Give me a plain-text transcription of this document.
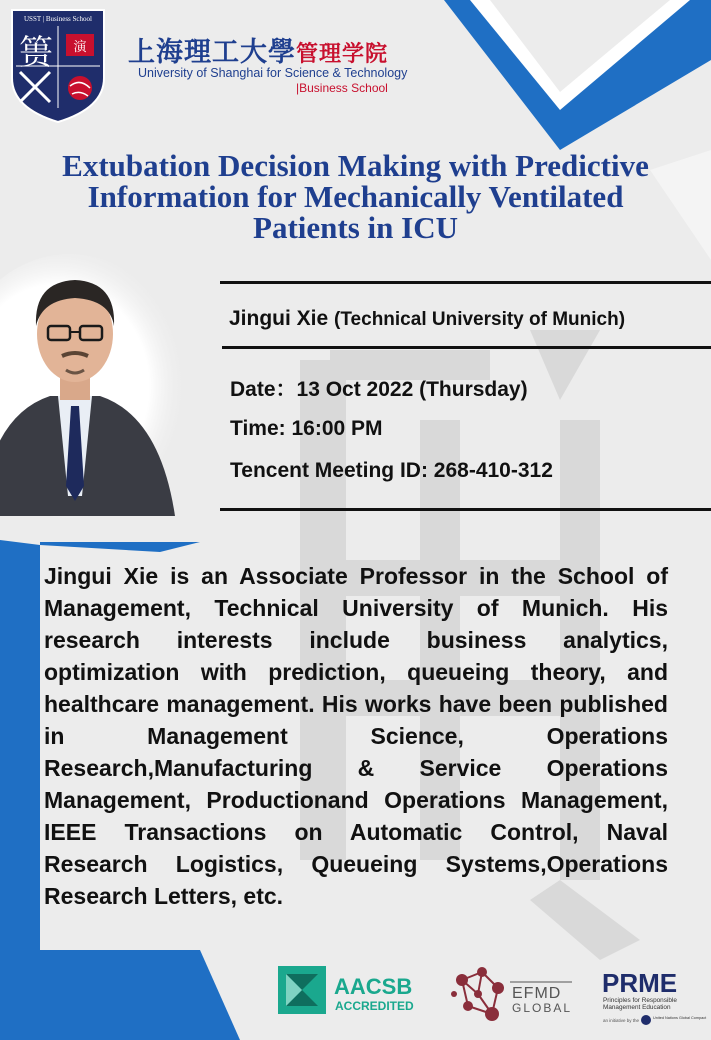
USST | Business School
篑 演 上海理工大學管理学院
University of Shanghai for Science & Technology
|Business School
Extubation Decision Making with Predictive
Information for Mechanically Ventilated
Patients in ICU
Jingui Xie (Technical University of Munich)
Date：13 Oct 2022 (Thursday)
Time: 16:00 PM
Tencent Meeting ID: 268-410-312
Jingui Xie is an Associate Professor in the School of Management, Technical University of Munich. His research interests include business analytics, optimization with prediction, queueing theory, and healthcare management. His works have been published in Management Science, Operations Research,Manufacturing & Service Operations Management, Productionand Operations Management, IEEE Transactions on Automatic Control, Naval Research Logistics, Queueing Systems,Operations Research Letters, etc.
AACSB
ACCREDITED
EFMD
GLOBAL
PRME
Principles for Responsible
Management Education
an initiative by the	United Nations Global Compact
